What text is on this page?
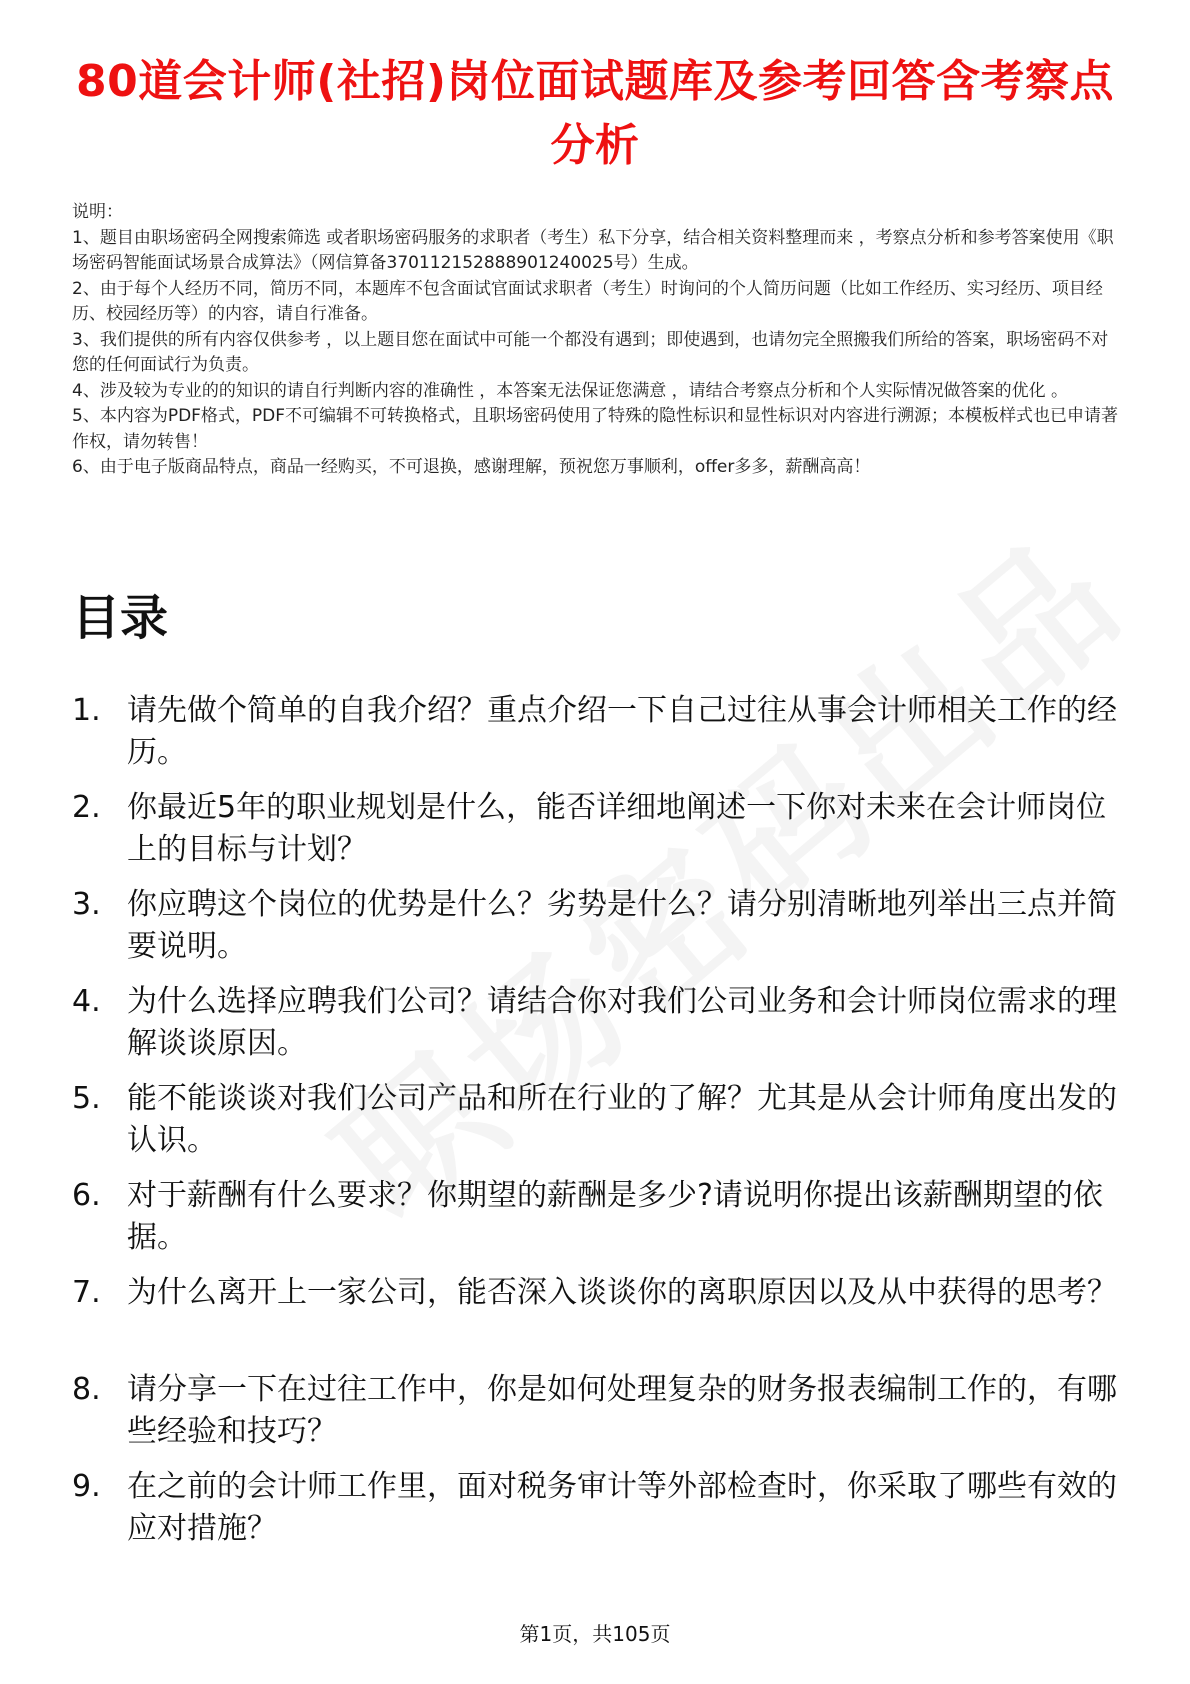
80道会计师(社招)岗位面试题库及参考回答含考察点分析

说明：

1、题目由职场密码全网搜索筛选 或者职场密码服务的求职者（考生）私下分享，结合相关资料整理而来 ，考察点分析和参考答案使用《职场密码智能面试场景合成算法》（网信算备370112152888901240025号）生成。

2、由于每个人经历不同，简历不同，本题库不包含面试官面试求职者（考生）时询问的个人简历问题（比如工作经历、实习经历、项目经历、校园经历等）的内容，请自行准备。

3、我们提供的所有内容仅供参考 ，以上题目您在面试中可能一个都没有遇到；即使遇到，也请勿完全照搬我们所给的答案，职场密码不对您的任何面试行为负责。

4、涉及较为专业的的知识的请自行判断内容的准确性 ，本答案无法保证您满意 ，请结合考察点分析和个人实际情况做答案的优化 。

5、本内容为PDF格式，PDF不可编辑不可转换格式，且职场密码使用了特殊的隐性标识和显性标识对内容进行溯源；本模板样式也已申请著作权，请勿转售！

6、由于电子版商品特点，商品一经购买，不可退换，感谢理解，预祝您万事顺利，offer多多，薪酬高高！

目录
1. 请先做个简单的自我介绍？重点介绍一下自己过往从事会计师相关工作的经历。
2. 你最近5年的职业规划是什么，能否详细地阐述一下你对未来在会计师岗位上的目标与计划？
3. 你应聘这个岗位的优势是什么？劣势是什么？请分别清晰地列举出三点并简要说明。
4. 为什么选择应聘我们公司？请结合你对我们公司业务和会计师岗位需求的理解谈谈原因。
5. 能不能谈谈对我们公司产品和所在行业的了解？尤其是从会计师角度出发的认识。
6. 对于薪酬有什么要求？你期望的薪酬是多少?请说明你提出该薪酬期望的依据。
7. 为什么离开上一家公司，能否深入谈谈你的离职原因以及从中获得的思考？
8. 请分享一下在过往工作中，你是如何处理复杂的财务报表编制工作的，有哪些经验和技巧？
9. 在之前的会计师工作里，面对税务审计等外部检查时，你采取了哪些有效的应对措施？
第1页，共105页
